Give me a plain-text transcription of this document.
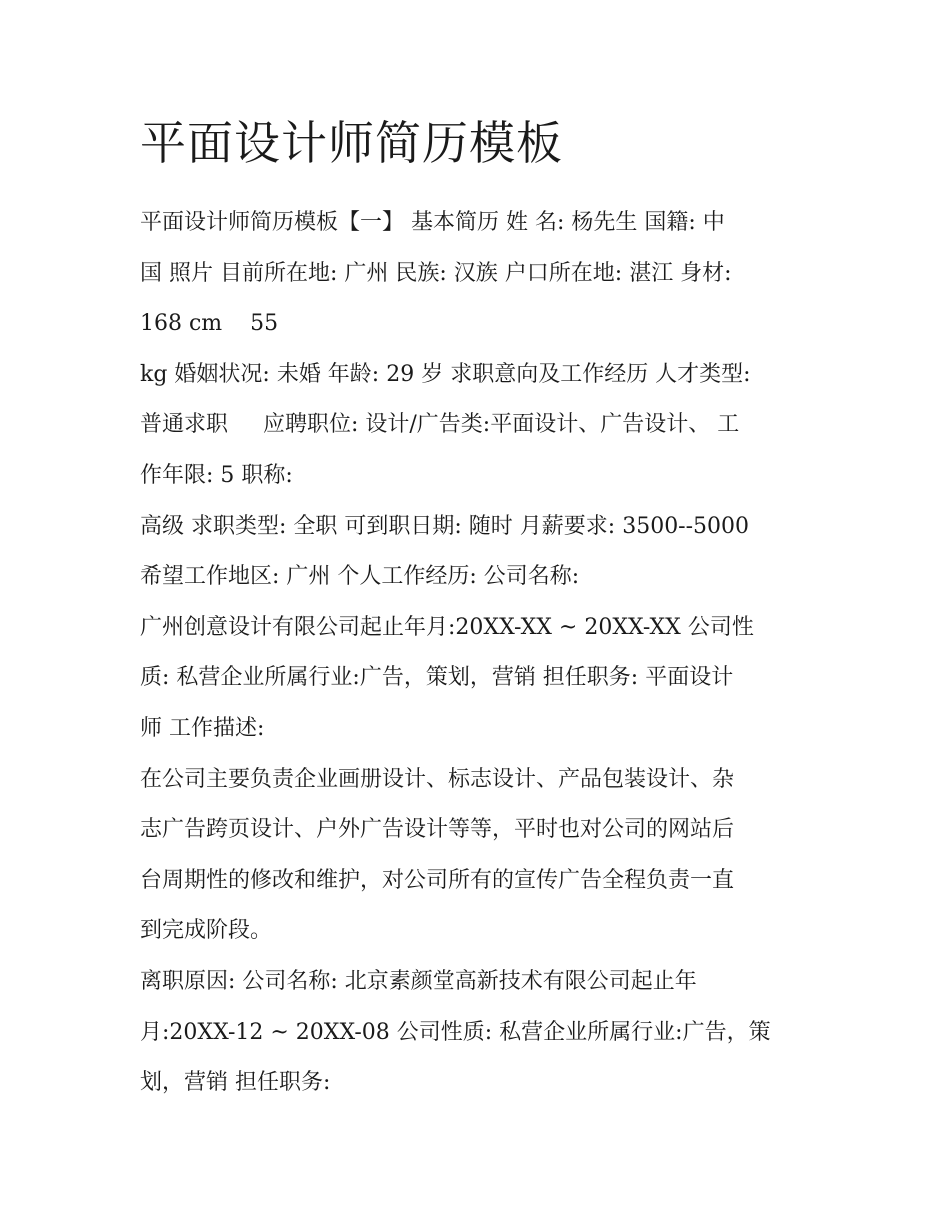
平面设计师简历模板
平面设计师简历模板【一】 基本简历 姓 名: 杨先生 国籍: 中
国 照片 目前所在地: 广州 民族: 汉族 户口所在地: 湛江 身材:
168 cm    55
kg 婚姻状况: 未婚 年龄: 29 岁 求职意向及工作经历 人才类型:
普通求职     应聘职位: 设计/广告类:平面设计、广告设计、 工
作年限: 5 职称:
高级 求职类型: 全职 可到职日期: 随时 月薪要求: 3500--5000
希望工作地区: 广州 个人工作经历: 公司名称:
广州创意设计有限公司起止年月:20XX-XX ~ 20XX-XX 公司性
质: 私营企业所属行业:广告，策划，营销 担任职务: 平面设计
师 工作描述:
在公司主要负责企业画册设计、标志设计、产品包装设计、杂
志广告跨页设计、户外广告设计等等，平时也对公司的网站后
台周期性的修改和维护，对公司所有的宣传广告全程负责一直
到完成阶段。
离职原因: 公司名称: 北京素颜堂高新技术有限公司起止年
月:20XX-12 ~ 20XX-08 公司性质: 私营企业所属行业:广告，策
划，营销 担任职务:
